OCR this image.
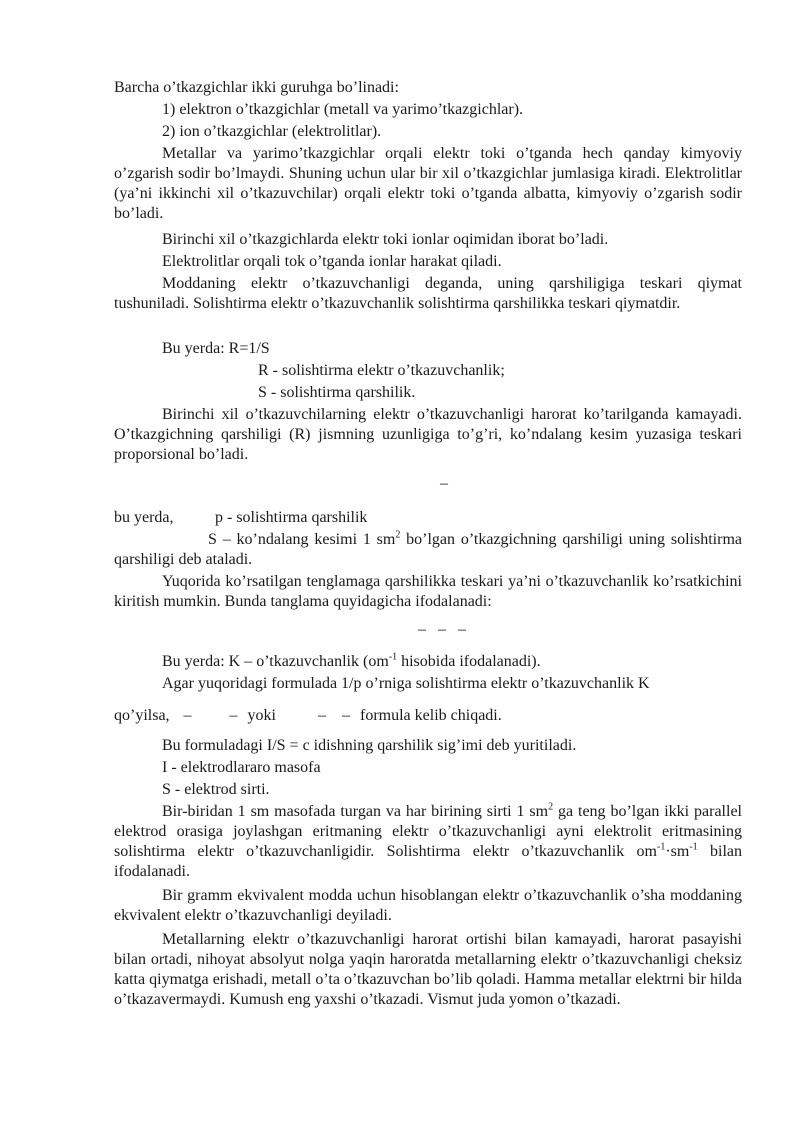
Barcha o’tkazgichlar ikki guruhga bo’linadi:
1) elektron o’tkazgichlar (metall va yarimo’tkazgichlar).
2) ion o’tkazgichlar (elektrolitlar).
Metallar va yarimo’tkazgichlar orqali elektr toki o’tganda hech qanday kimyoviy o’zgarish sodir bo’lmaydi. Shuning uchun ular bir xil o’tkazgichlar jumlasiga kiradi. Elektrolitlar (ya’ni ikkinchi xil o’tkazuvchilar) orqali elektr toki o’tganda albatta, kimyoviy o’zgarish sodir bo’ladi.
Birinchi xil o’tkazgichlarda elektr toki ionlar oqimidan iborat bo’ladi.
Elektrolitlar orqali tok o’tganda ionlar harakat qiladi.
Moddaning elektr o’tkazuvchanligi deganda, uning qarshiligiga teskari qiymat tushuniladi. Solishtirma elektr o’tkazuvchanlik solishtirma qarshilikka teskari qiymatdir.
Bu yerda: R=1/S
R - solishtirma elektr o’tkazuvchanlik;
S - solishtirma qarshilik.
Birinchi xil o’tkazuvchilarning elektr o’tkazuvchanligi harorat ko’tarilganda kamayadi. O’tkazgichning qarshiligi (R) jismning uzunligiga to’g’ri, ko’ndalang kesim yuzasiga teskari proporsional bo’ladi.
–
bu yerda,	p - solishtirma qarshilik
S – ko’ndalang kesimi 1 $sm^2$ bo’lgan o’tkazgichning qarshiligi uning solishtirma qarshiligi deb ataladi.
Yuqorida ko’rsatilgan tenglamaga qarshilikka teskari ya’ni o’tkazuvchanlik ko’rsatkichini kiritish mumkin. Bunda tanglama quyidagicha ifodalanadi:
– – –
Bu yerda: K – o’tkazuvchanlik ($om^{-1}$ hisobida ifodalanadi).
Agar yuqoridagi formulada 1/p o’rniga solishtirma elektr o’tkazuvchanlik K
qo’yilsa, – – yoki	– – formula kelib chiqadi.
Bu formuladagi I/S = c idishning qarshilik sig’imi deb yuritiladi.
I - elektrodlararo masofa
S - elektrod sirti.
Bir-biridan 1 sm masofada turgan va har birining sirti 1 $sm^2$ ga teng bo’lgan ikki parallel elektrod orasiga joylashgan eritmaning elektr o’tkazuvchanligi ayni elektrolit eritmasining solishtirma elektr o’tkazuvchanligidir. Solishtirma elektr o’tkazuvchanlik $om^{-1}\cdot sm^{-1}$ bilan ifodalanadi.
Bir gramm ekvivalent modda uchun hisoblangan elektr o’tkazuvchanlik o’sha moddaning ekvivalent elektr o’tkazuvchanligi deyiladi.
Metallarning elektr o’tkazuvchanligi harorat ortishi bilan kamayadi, harorat pasayishi bilan ortadi, nihoyat absolyut nolga yaqin haroratda metallarning elektr o’tkazuvchanligi cheksiz katta qiymatga erishadi, metall o’ta o’tkazuvchan bo’lib qoladi. Hamma metallar elektrni bir hilda o’tkazavermaydi. Kumush eng yaxshi o’tkazadi. Vismut juda yomon o’tkazadi.
